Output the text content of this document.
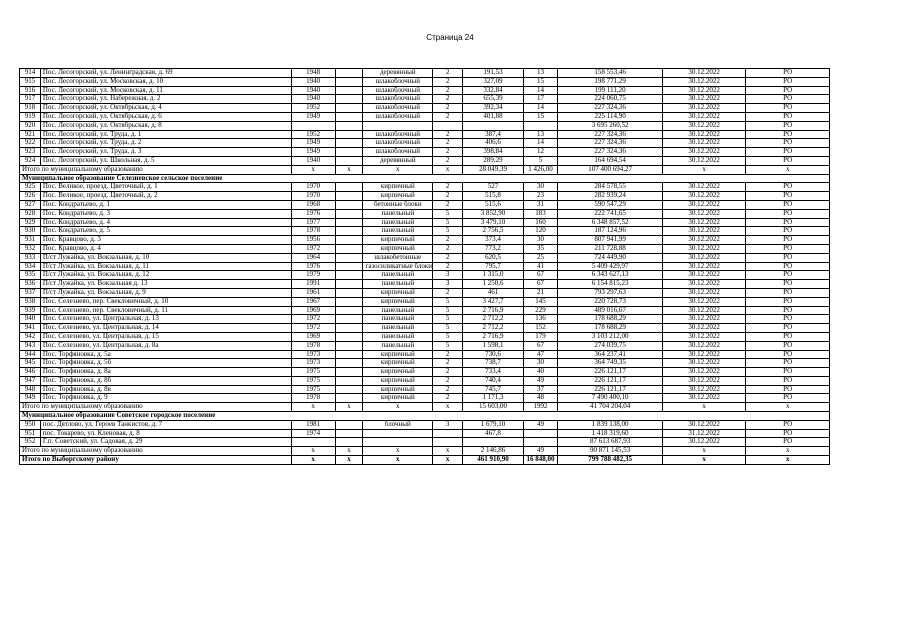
Страница 24
914	Пос. Лесогорский, ул. Ленинградская, д. 69	1948		деревянный	2	191,53	13	158 553,46	30.12.2022	РО
915	Пос. Лесогорский, ул. Московская, д. 10	1940		шлакоблочный	2	327,09	15	198 771,29	30.12.2022	РО
916	Пос. Лесогорский, ул. Московская, д. 11	1940		шлакоблочный	2	332,84	14	199 111,20	30.12.2022	РО
917	Пос. Лесогорский, ул. Набережная, д. 2	1940		шлакоблочный	2	655,39	17	224 060,75	30.12.2022	РО
918	Пос. Лесогорский, ул. Октябрьская, д. 4	1952		шлакоблочный	2	392,34	14	227 324,36	30.12.2022	РО
919	Пос. Лесогорский, ул. Октябрьская, д. 6	1949		шлакоблочный	2	401,88	15	225 114,90	30.12.2022	РО
920	Пос. Лесогорский, ул. Октябрьская, д. 8							3 695 260,52	30.12.2022	РО
921	Пос. Лесогорский, ул. Труда, д. 1	1952		шлакоблочный	2	387,4	13	227 324,36	30.12.2022	РО
922	Пос. Лесогорский, ул. Труда, д. 2	1949		шлакоблочный	2	406,6	14	227 324,36	30.12.2022	РО
923	Пос. Лесогорский, ул. Труда, д. 3	1949		шлакоблочный	2	398,84	12	227 324,36	30.12.2022	РО
924	Пос. Лесогорский, ул. Школьная, д. 5	1940		деревянный	2	289,29	5	164 694,54	30.12.2022	РО
Итого по муниципальному образованию		x	x	x	x	28 049,39	1 426,00	107 400 694,27	x	x
Муниципальное образование Селезневское сельское поселение										
925	Пос. Великое, проезд. Цветочный, д. 1	1970		кирпичный	2	527	30	284 578,55	30.12.2022	РО
926	Пос. Великое, проезд. Цветочный, д. 2	1970		кирпичный	2	515,8	23	282 939,24	30.12.2022	РО
927	Пос. Кондратьево, д. 1	1968		бетонные блоки	2	515,6	31	590 547,29	30.12.2022	РО
928	Пос. Кондратьево, д. 3	1976		панельный	5	3 852,90	183	222 741,65	30.12.2022	РО
929	Пос. Кондратьево, д. 4	1977		панельный	5	3 479,10	160	6 348 857,52	30.12.2022	РО
930	Пос. Кондратьево, д. 5	1978		панельный	5	2 756,5	120	187 124,96	30.12.2022	РО
931	Пос. Кравцово, д. 3	1956		кирпичный	2	373,4	30	807 941,99	30.12.2022	РО
932	Пос. Кравцово, д. 4	1972		кирпичный	2	773,2	35	211 728,88	30.12.2022	РО
933	П/ст Лужайка, ул. Вокзальная, д. 10	1964		шлакобетонные	2	620,5	25	724 449,90	30.12.2022	РО
934	П/ст Лужайка, ул. Вокзальная, д. 11	1976		газосиликатные блоки	2	795,7	41	5 409 429,97	30.12.2022	РО
935	П/ст Лужайка, ул. Вокзальная, д. 12	1979		панельный	3	1 315,0	67	6 343 627,13	30.12.2022	РО
936	П/ст Лужайка, ул. Вокзальная д. 13	1991		панельный	3	1 250,6	67	6 154 815,23	30.12.2022	РО
937	П/ст Лужайка, ул. Вокзальная, д. 9	1961		кирпичный	2	461	21	793 297,63	30.12.2022	РО
938	Пос. Селезнево, пер. Свекловичный, д. 10	1967		кирпичный	5	3 427,7	145	220 728,73	30.12.2022	РО
939	Пос. Селезнево, пер. Свекловичный, д. 11	1969		панельный	5	2 716,9	229	489 016,67	30.12.2022	РО
940	Пос. Селезнево, ул. Центральная, д. 13	1972		панельный	5	2 712,2	136	178 688,29	30.12.2022	РО
941	Пос. Селезнево, ул. Центральная, д. 14	1972		панельный	5	2 712,2	152	178 688,29	30.12.2022	РО
942	Пос. Селезнево, ул. Центральная, д. 15	1969		панельный	5	2 716,9	179	3 103 212,00	30.12.2022	РО
943	Пос. Селезнево, ул. Центральная, д. 8а	1978		панельный	5	1 598,1	67	274 039,75	30.12.2022	РО
944	Пос. Торфяновка, д. 5а	1973		кирпичный	2	730,6	47	364 237,41	30.12.2022	РО
945	Пос. Торфяновка, д. 5б	1973		кирпичный	2	738,7	30	364 749,35	30.12.2022	РО
946	Пос. Торфяновка, д. 8а	1975		кирпичный	2	733,4	40	226 121,17	30.12.2022	РО
947	Пос. Торфяновка, д. 8б	1975		кирпичный	2	740,4	49	226 121,17	30.12.2022	РО
948	Пос. Торфяновка, д. 8в	1975		кирпичный	2	745,7	37	226 121,17	30.12.2022	РО
949	Пос. Торфяновка, д. 9	1978		кирпичный	2	1 171,3	48	7 490 400,10	30.12.2022	РО
Итого по муниципальному образованию		x	x	x	x	15 603,00	1992	41 704 204,04	x	x
Муниципальное образование Советское городское поселение										
950	пос. Дятлово, ул. Героев Танкистов, д. 7	1981		блочный	3	1 679,10	49	1 839 138,00	30.12.2022	РО
951	пос. Токарево, ул. Кленовая, д. 8	1974				467,8		1 418 319,60	31.12.2022	РО
952	Г.п. Советский, ул. Садовая, д. 29							87 613 687,93	30.12.2022	РО
Итого по муниципальному образованию		x	x	x	x	2 146,86	49	90 871 145,53	x	x
Итого по Выборгскому району		x	x	x	x	461 910,90	16 848,00	799 788 482,35	x	x
